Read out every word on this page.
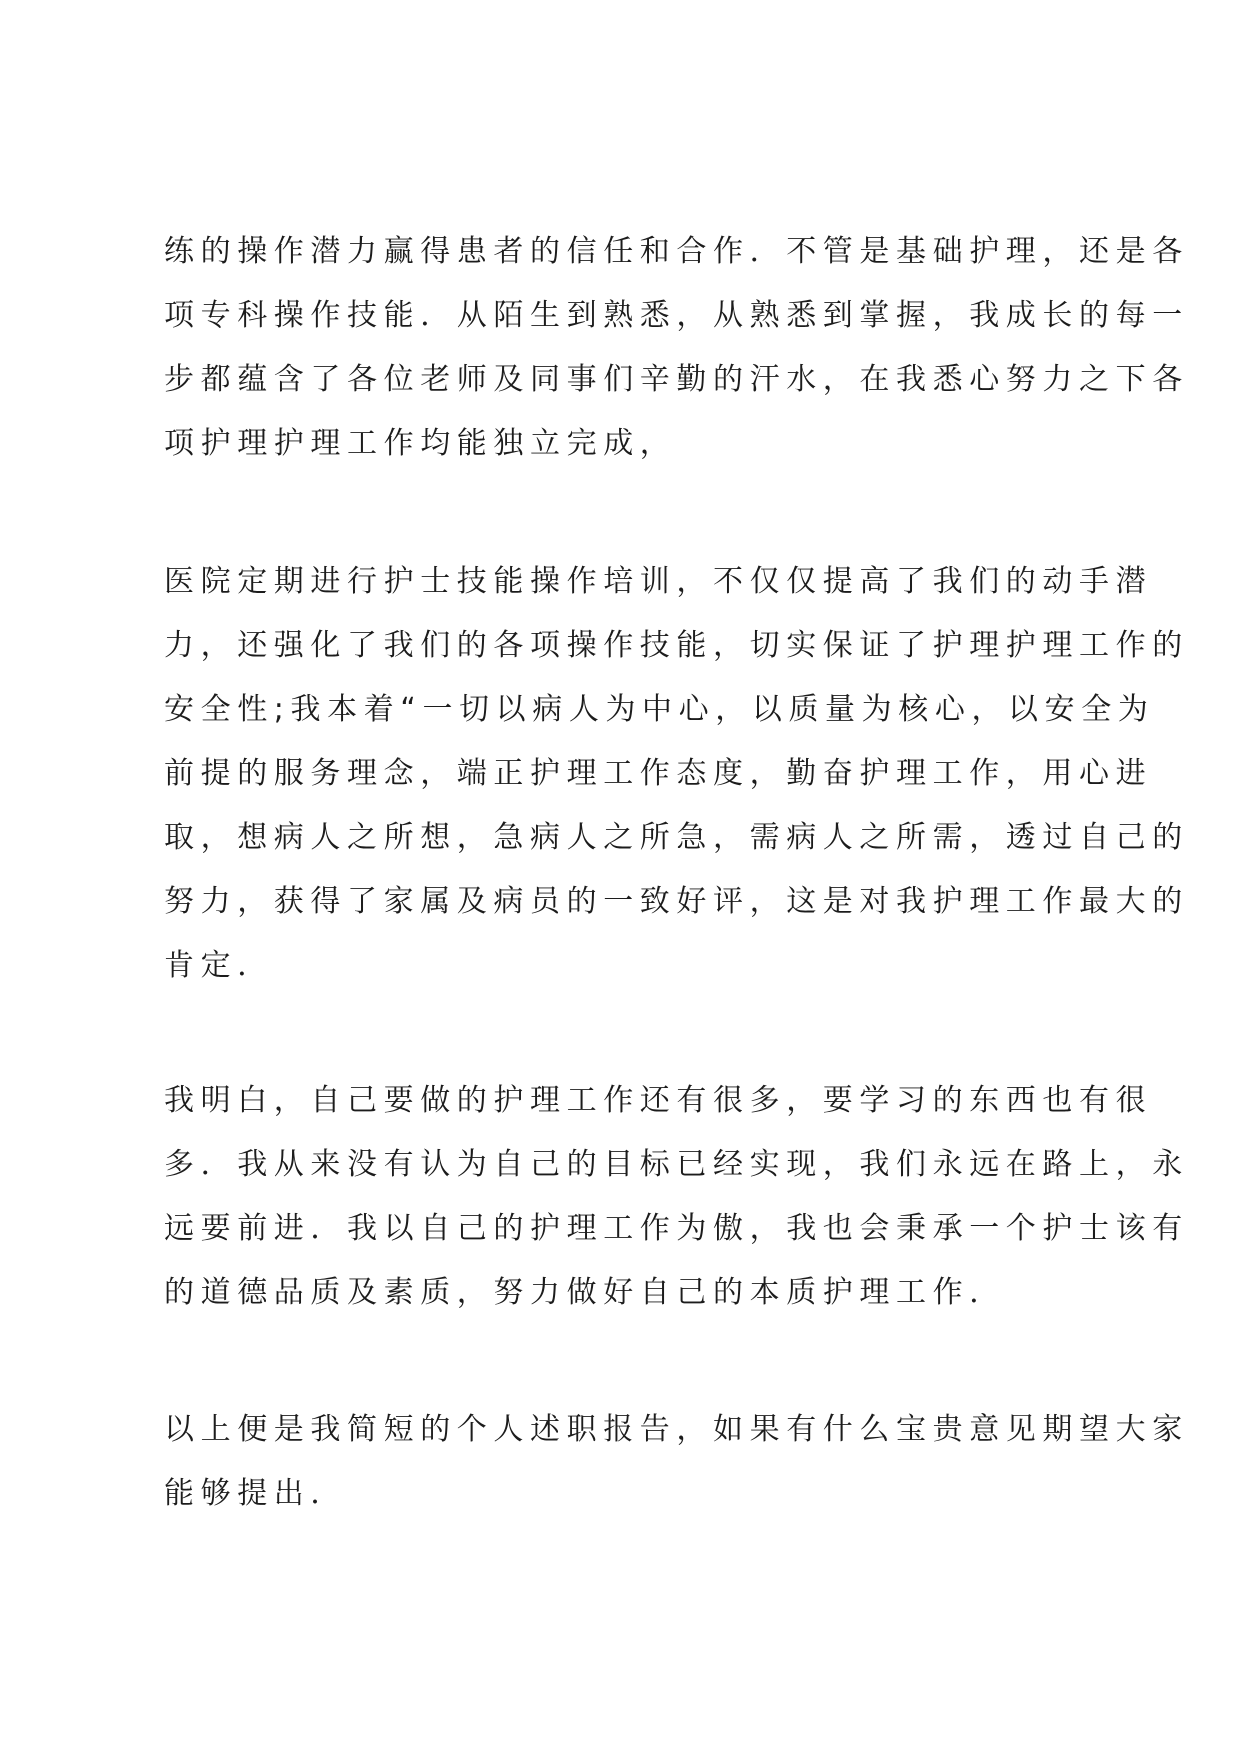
练的操作潜力赢得患者的信任和合作．不管是基础护理，还是各
项专科操作技能．从陌生到熟悉，从熟悉到掌握，我成长的每一
步都蕴含了各位老师及同事们辛勤的汗水，在我悉心努力之下各
项护理护理工作均能独立完成，
医院定期进行护士技能操作培训，不仅仅提高了我们的动手潜
力，还强化了我们的各项操作技能，切实保证了护理护理工作的
安全性;我本着“一切以病人为中心，以质量为核心，以安全为
前提的服务理念，端正护理工作态度，勤奋护理工作，用心进
取，想病人之所想，急病人之所急，需病人之所需，透过自己的
努力，获得了家属及病员的一致好评，这是对我护理工作最大的
肯定．
我明白，自己要做的护理工作还有很多，要学习的东西也有很
多．我从来没有认为自己的目标已经实现，我们永远在路上，永
远要前进．我以自己的护理工作为傲，我也会秉承一个护士该有
的道德品质及素质，努力做好自己的本质护理工作．
以上便是我简短的个人述职报告，如果有什么宝贵意见期望大家
能够提出．
